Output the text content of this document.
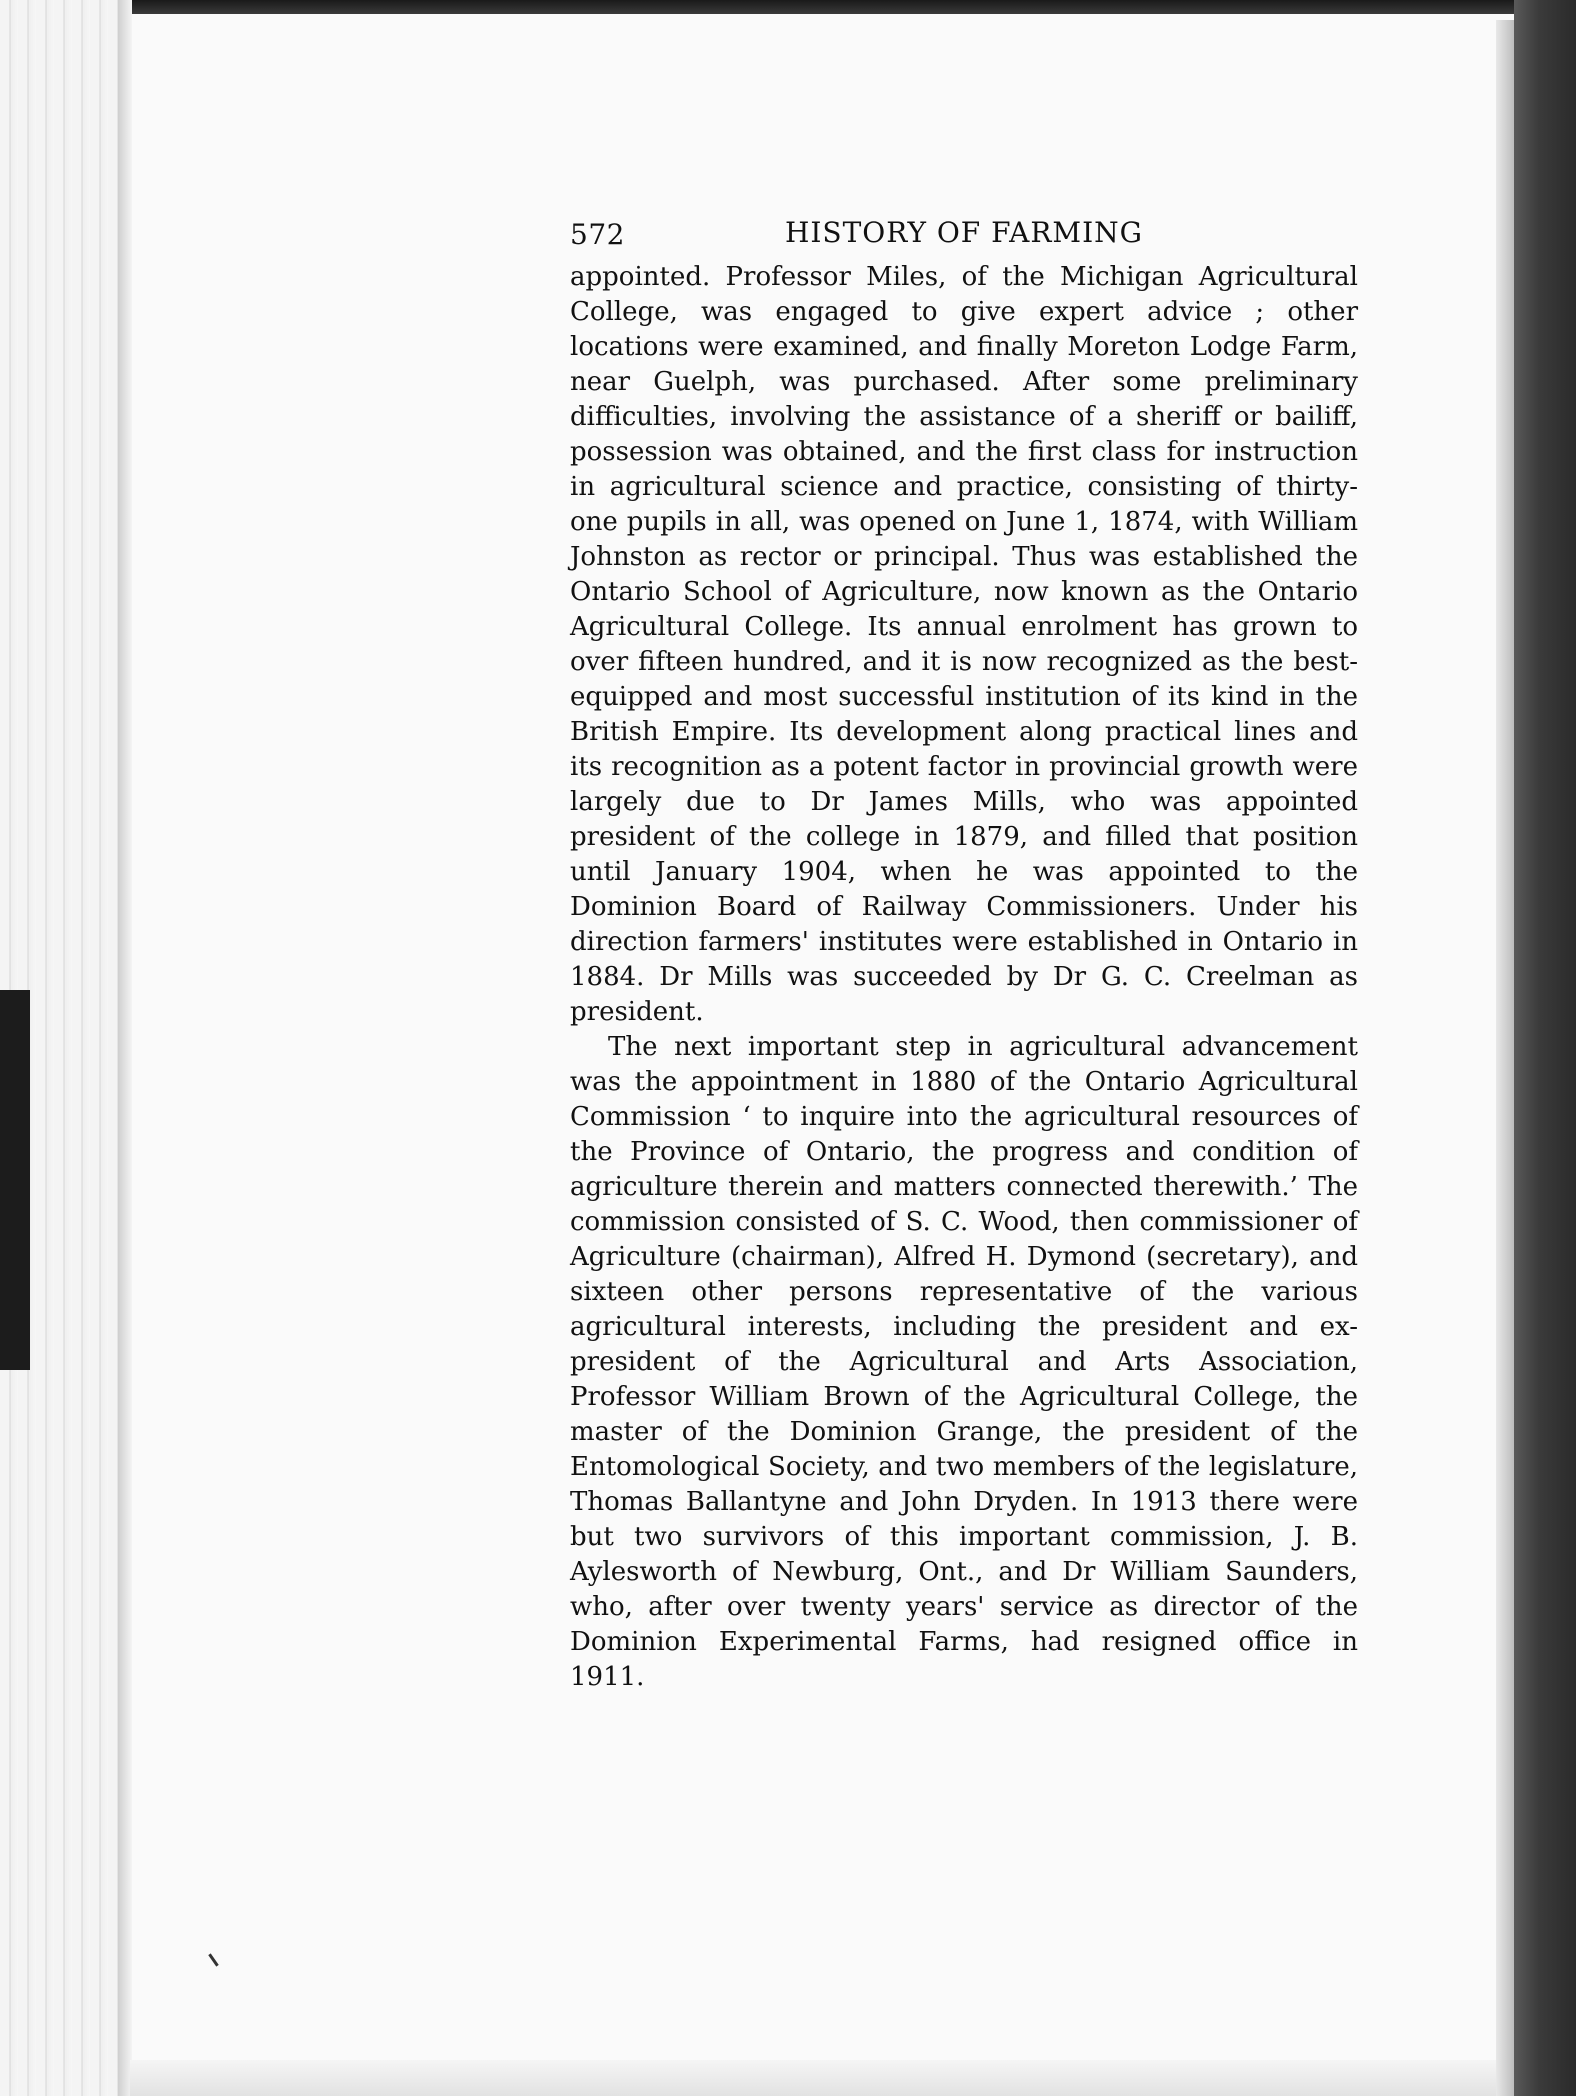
572	HISTORY OF FARMING

appointed. Professor Miles, of the Michigan Agricultural College, was engaged to give expert advice ; other locations were examined, and finally Moreton Lodge Farm, near Guelph, was purchased. After some preliminary difficulties, involving the assistance of a sheriff or bailiff, possession was obtained, and the first class for instruction in agricultural science and practice, consisting of thirty-one pupils in all, was opened on June 1, 1874, with William Johnston as rector or principal. Thus was established the Ontario School of Agriculture, now known as the Ontario Agricultural College. Its annual enrolment has grown to over fifteen hundred, and it is now recognized as the best-equipped and most successful institution of its kind in the British Empire. Its development along practical lines and its recognition as a potent factor in provincial growth were largely due to Dr James Mills, who was appointed president of the college in 1879, and filled that position until January 1904, when he was appointed to the Dominion Board of Railway Commissioners. Under his direction farmers' institutes were established in Ontario in 1884. Dr Mills was succeeded by Dr G. C. Creelman as president.

The next important step in agricultural advancement was the appointment in 1880 of the Ontario Agricultural Commission ‘ to inquire into the agricultural resources of the Province of Ontario, the progress and condition of agriculture therein and matters connected therewith.’ The commission consisted of S. C. Wood, then commissioner of Agriculture (chairman), Alfred H. Dymond (secretary), and sixteen other persons representative of the various agricultural interests, including the president and ex-president of the Agricultural and Arts Association, Professor William Brown of the Agricultural College, the master of the Dominion Grange, the president of the Entomological Society, and two members of the legislature, Thomas Ballantyne and John Dryden. In 1913 there were but two survivors of this important commission, J. B. Aylesworth of Newburg, Ont., and Dr William Saunders, who, after over twenty years' service as director of the Dominion Experimental Farms, had resigned office in 1911.
